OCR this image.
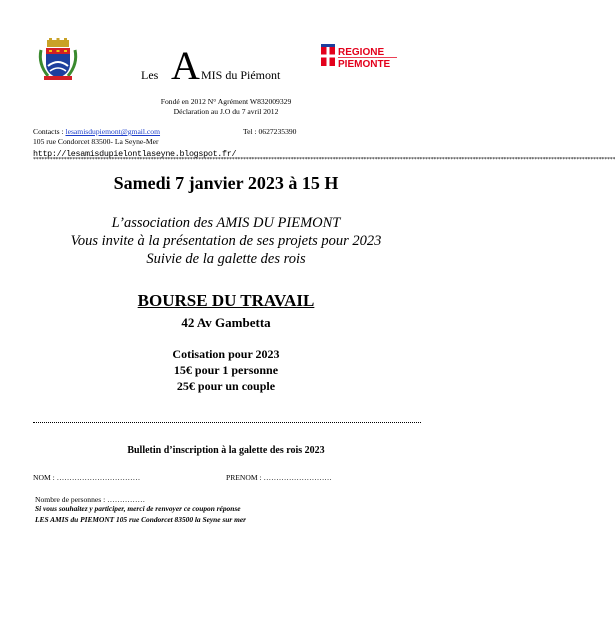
Les A MIS du Piémont
REGIONE
PIEMONTE
Fondé en 2012 N° Agrément W832009329
Déclaration au J.O du 7 avril 2012
Contacts : lesamisdupiemont@gmail.com
105 rue Condorcet 83500- La Seyne-Mer
Tel : 0627235390
http://lesamisdupielontlaseyne.blogspot.fr/
****************************************************************************************************************************************************************************************************************
Samedi 7 janvier 2023 à 15 H
L’association des AMIS DU PIEMONT
Vous invite à la présentation de ses projets pour 2023
Suivie de la galette des rois
BOURSE DU TRAVAIL
42 Av Gambetta
Cotisation pour 2023
15€ pour 1 personne
25€ pour un couple
Bulletin d’inscription à la galette des rois 2023
NOM : ……………………………	PRENOM : ………………………
Nombre de personnes : ……………
Si vous souhaitez y participer, merci de renvoyer ce coupon réponse
LES AMIS du PIEMONT 105 rue Condorcet 83500 la Seyne sur mer
